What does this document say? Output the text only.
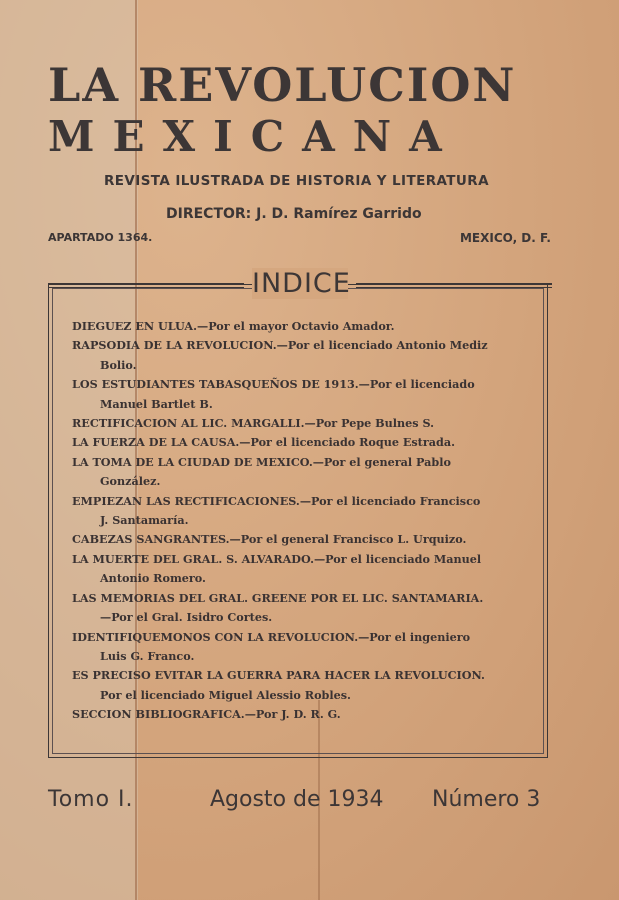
LA REVOLUCION
MEXICANA
REVISTA ILUSTRADA DE HISTORIA Y LITERATURA
DIRECTOR: J. D. Ramírez Garrido
APARTADO 1364.	MEXICO, D. F.
INDICE
DIEGUEZ EN ULUA.—Por el mayor Octavio Amador.
RAPSODIA DE LA REVOLUCION.—Por el licenciado Antonio Mediz
Bolio.
LOS ESTUDIANTES TABASQUEÑOS DE 1913.—Por el licenciado
Manuel Bartlet B.
RECTIFICACION AL LIC. MARGALLI.—Por Pepe Bulnes S.
LA FUERZA DE LA CAUSA.—Por el licenciado Roque Estrada.
LA TOMA DE LA CIUDAD DE MEXICO.—Por el general Pablo
González.
EMPIEZAN LAS RECTIFICACIONES.—Por el licenciado Francisco
J. Santamaría.
CABEZAS SANGRANTES.—Por el general Francisco L. Urquizo.
LA MUERTE DEL GRAL. S. ALVARADO.—Por el licenciado Manuel
Antonio Romero.
LAS MEMORIAS DEL GRAL. GREENE POR EL LIC. SANTAMARIA.
—Por el Gral. Isidro Cortes.
IDENTIFIQUEMONOS CON LA REVOLUCION.—Por el ingeniero
Luis G. Franco.
ES PRECISO EVITAR LA GUERRA PARA HACER LA REVOLUCION.
Por el licenciado Miguel Alessio Robles.
SECCION BIBLIOGRAFICA.—Por J. D. R. G.
Tomo I.	Agosto de 1934 Número 3
